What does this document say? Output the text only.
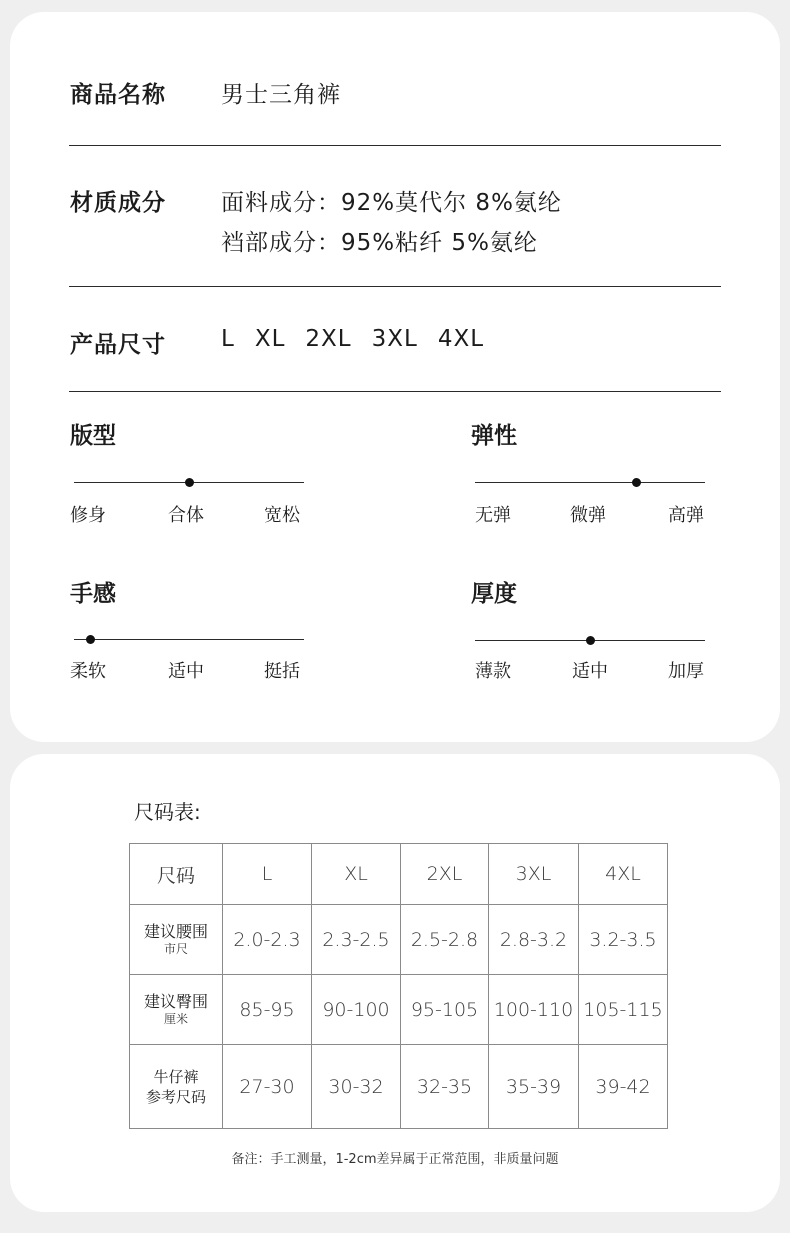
商品名称 男士三角裤
材质成分 面料成分：92%莫代尔 8%氨纶
裆部成分：95%粘纤 5%氨纶
产品尺寸 L XL 2XL 3XL 4XL
版型
修身	合体	宽松
弹性
无弹	微弹	高弹
手感
柔软	适中	挺括
厚度
薄款	适中	加厚
尺码表:
尺码	L	XL	2XL	3XL	4XL

建议腰围
市尺	2.0-2.3	2.3-2.5	2.5-2.8	2.8-3.2	3.2-3.5

建议臀围
厘米	85-95	90-100	95-105	100-110	105-115

牛仔裤
参考尺码	27-30	30-32	32-35	35-39	39-42
备注：手工测量，1-2cm差异属于正常范围，非质量问题
